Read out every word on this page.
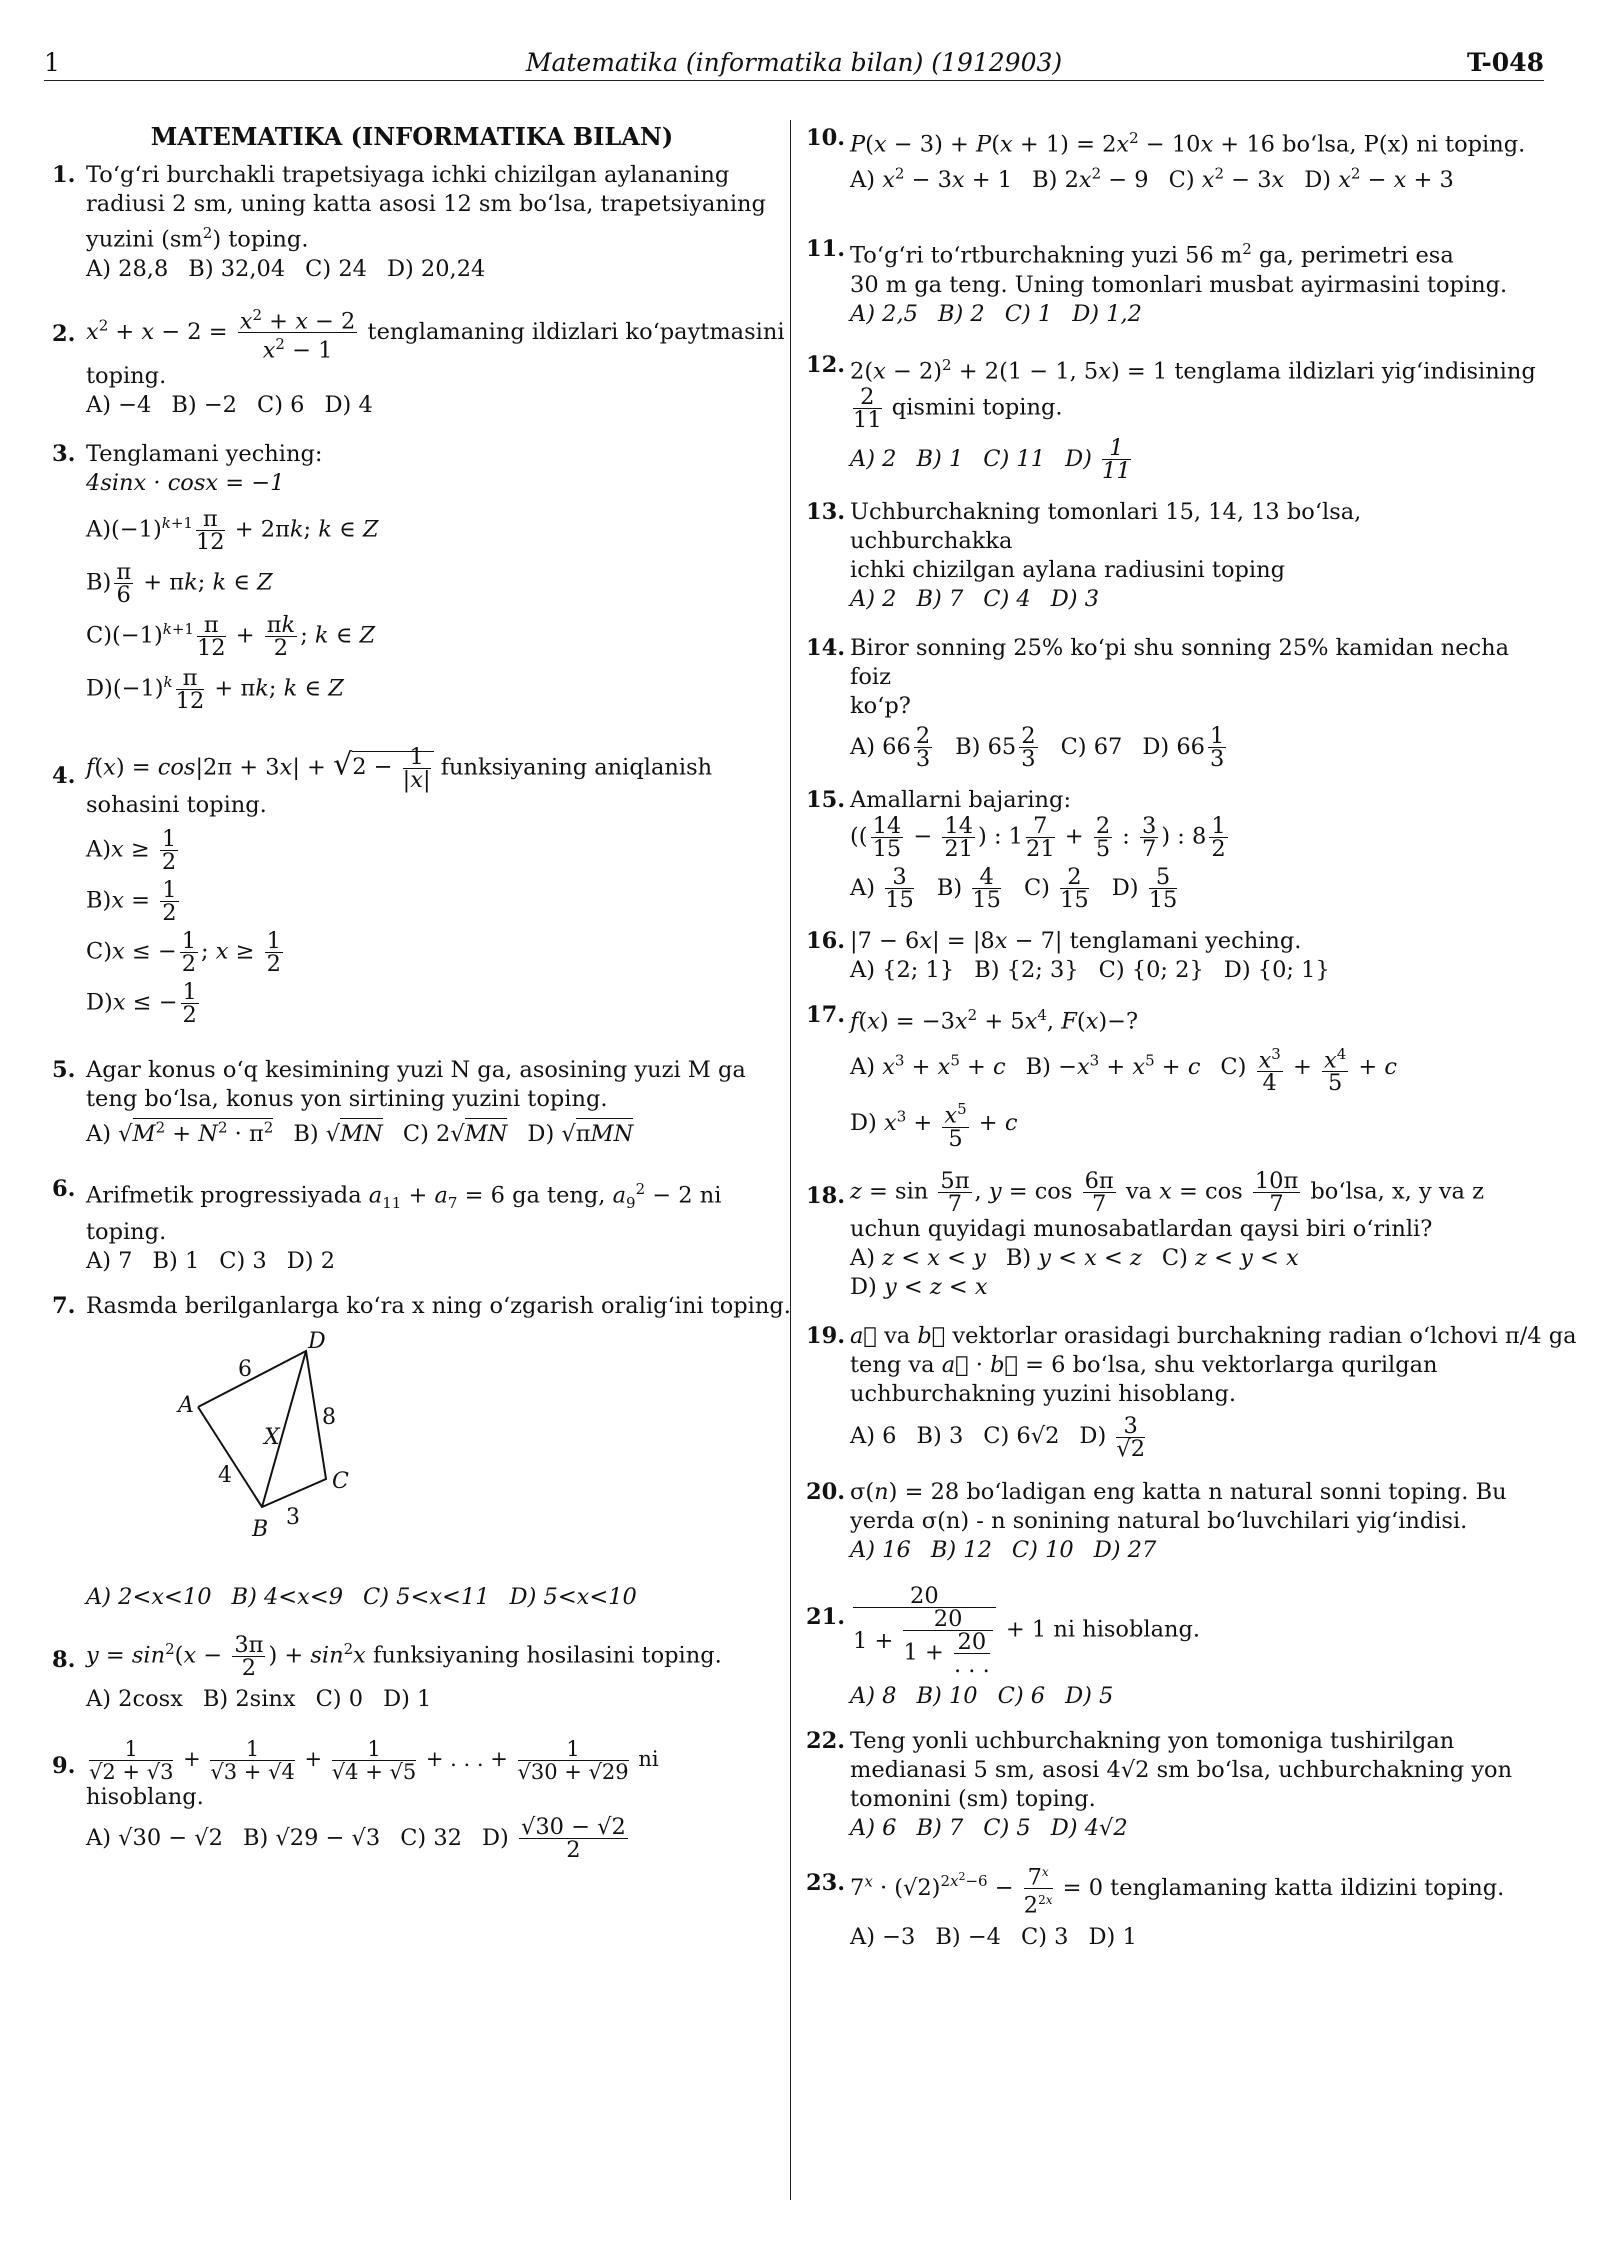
1	Matematika (informatika bilan) (1912903)	T-048
MATEMATIKA (INFORMATIKA BILAN)
1. To‘g‘ri burchakli trapetsiyaga ichki chizilgan aylananing
radiusi 2 sm, uning katta asosi 12 sm bo‘lsa, trapetsiyaning
yuzini $(sm^2)$ toping.
A) 28,8 B) 32,04 C) 24 D) 20,24
2. $x^2 + x - 2 = \frac{x^2 + x - 2}{x^2 - 1}$ tenglamaning ildizlari ko‘paytmasini
toping.
A) −4 B) −2 C) 6 D) 4
3. Tenglamani yeching:
4sinx · cosx = −1
$A)(-1)^{k+1} \frac{\pi}{12} + 2\pi k$; k ∈ Z
$B) \frac{\pi}{6} + \pi k$; k ∈ Z
$C)(-1)^{k+1} \frac{\pi}{12} + \frac{\pi k}{2}$ ; k ∈ Z
$D)(-1)^k \frac{\pi}{12} + \pi k$; k ∈ Z
4. $f(x) = \cos|2\pi + 3x| + √2 - \frac{1}{|x|}$ funksiyaning aniqlanish
sohasini toping.
$A)x \ge \frac{1}{2}$
$B)x = \frac{1}{2}$
C)x ≤ − $\frac{1}{2}$ ; $x \ge \frac{1}{2}$
D)x ≤ − $\frac{1}{2}$
5. Agar konus o‘q kesimining yuzi N ga, asosining yuzi M ga
teng bo‘lsa, konus yon sirtining yuzini toping.
A) $√M^2 + N^2 \cdot \pi^2$ B) √MN C) 2√MN D) √πMN
6. Arifmetik progressiyada $a_{11} + a_7 = 6$ ga teng, $a_9^2 - 2$ ni
toping.
A) 7 B) 1 C) 3 D) 2
7. Rasmda berilganlarga ko‘ra x ning o‘zgarish oralig‘ini toping.
A
B
C
D
X
6
8
4
3
A) 2<x<10 B) 4<x<9 C) 5<x<11 D) 5<x<10
8. $y = \sin^2(x - \frac{3\pi}{2}$ ) + $\sin^2x$ funksiyaning hosilasini toping.
A) 2cosx B) 2sinx C) 0 D) 1
9. $\frac{1}{√2 + √3} + \frac{1}{√3 + √4} + \frac{1}{√4 + √5}$ + . . . + $\frac{1}{√30 + √29}$ ni
hisoblang.
A) √30 − √2 B) √29 − √3 C) 32 $D) \frac{√30 - √2}{2}$
10. $P(x - 3) + P(x + 1) = 2x^2 - 10x + 16$ bo‘lsa, P(x) ni toping.
A) $x^2 - 3x + 1$ B) $2x^2 - 9$ C) $x^2 - 3x$ D) $x^2 - x + 3$
11. To‘g‘ri to‘rtburchakning yuzi 56 $m^2$ ga, perimetri esa
30 m ga teng. Uning tomonlari musbat ayirmasini toping.
A) 2,5 B) 2 C) 1 D) 1,2
12. $2(x - 2)^2 + 2(1 - 1$, 5x) = 1 tenglama ildizlari yig‘indisining
$\frac{2}{11}$ qismini toping.
A) 2 B) 1 C) 11 $D) \frac{1}{11}$
13. Uchburchakning tomonlari 15, 14, 13 bo‘lsa, uchburchakka
ichki chizilgan aylana radiusini toping
A) 2 B) 7 C) 4 D) 3
14. Biror sonning 25% ko‘pi shu sonning 25% kamidan necha foiz
ko‘p?
A) $66 \frac{2}{3} B$) $65 \frac{2}{3} C$) 67 D) $66 \frac{1}{3}$
15. Amallarni bajaring:
(( $\frac{14}{15} - \frac{14}{21}$ ) : $1 \frac{7}{21} + \frac{2}{5}$ : $\frac{3}{7}$ ) : $8 \frac{1}{2}$
$A) \frac{3}{15} B) \frac{4}{15} C) \frac{2}{15} D) \frac{5}{15}$
16. |7 − 6x| = |8x − 7| tenglamani yeching.
A) {2; 1} B) {2; 3} C) {0; 2} D) {0; 1}
17. $f(x) = -3x^2 + 5x^4$, F(x)−?
A) $x^3 + x^5 + c$ $B) -x^3 + x^5 + c$ $C) \frac{x^3}{4} + \frac{x^4}{5} + c$
D) $x^3 + \frac{x^5}{5} + c$
18. $z = \sin \frac{5\pi}{7}$ , $y = \cos \frac{6\pi}{7}$ va $x = \cos \frac{10\pi}{7}$ bo‘lsa, x, y va z
uchun quyidagi munosabatlardan qaysi biri o‘rinli?
A) z < x < y B) y < x < z C) z < y < x
D) y < z < x
19. a⃗ va b⃗ vektorlar orasidagi burchakning radian o‘lchovi π/4 ga
teng va a⃗ · b⃗ = 6 bo‘lsa, shu vektorlarga qurilgan
uchburchakning yuzini hisoblang.
A) 6 B) 3 C) 6√2 $D) \frac{3}{√2}$
20. σ(n) = 28 bo‘ladigan eng katta n natural sonni toping. Bu
yerda σ(n) - n sonining natural bo‘luvchilari yig‘indisi.
A) 16 B) 12 C) 10 D) 27
21. 20
1 + 20
1 + 20
. . . + 1 ni hisoblang.
A) 8 B) 10 C) 6 D) 5
22. Teng yonli uchburchakning yon tomoniga tushirilgan
medianasi 5 sm, asosi 4√2 sm bo‘lsa, uchburchakning yon
tomonini (sm) toping.
A) 6 B) 7 C) 5 D) 4√2
23. $7^x \cdot (√2)^{2x^2-6} - \frac{7^x}{2^{2x}} = 0$ tenglamaning katta ildizini toping.
A) −3 B) −4 C) 3 D) 1
